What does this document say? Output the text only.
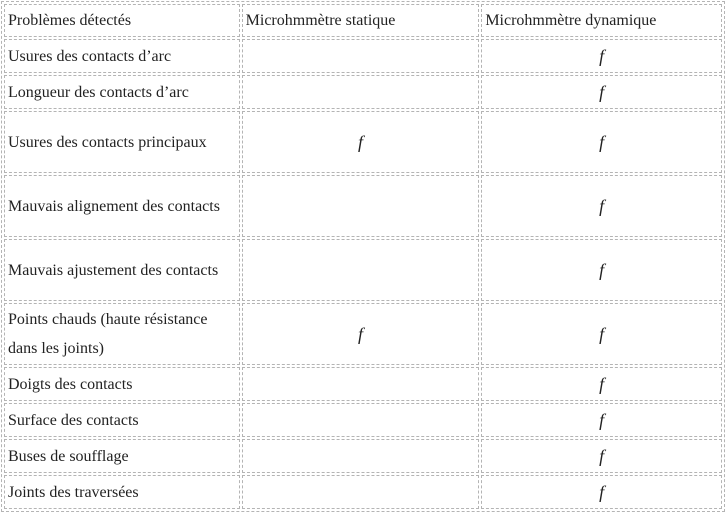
Problèmes détectés	Microhmmètre statique	Microhmmètre dynamique
Usures des contacts d’arc		f
Longueur des contacts d’arc		f
Usures des contacts principaux	f	f
Mauvais alignement des contacts		f
Mauvais ajustement des contacts		f
Points chauds (haute résistance dans les joints)	f	f
Doigts des contacts		f
Surface des contacts		f
Buses de soufflage		f
Joints des traversées		f
